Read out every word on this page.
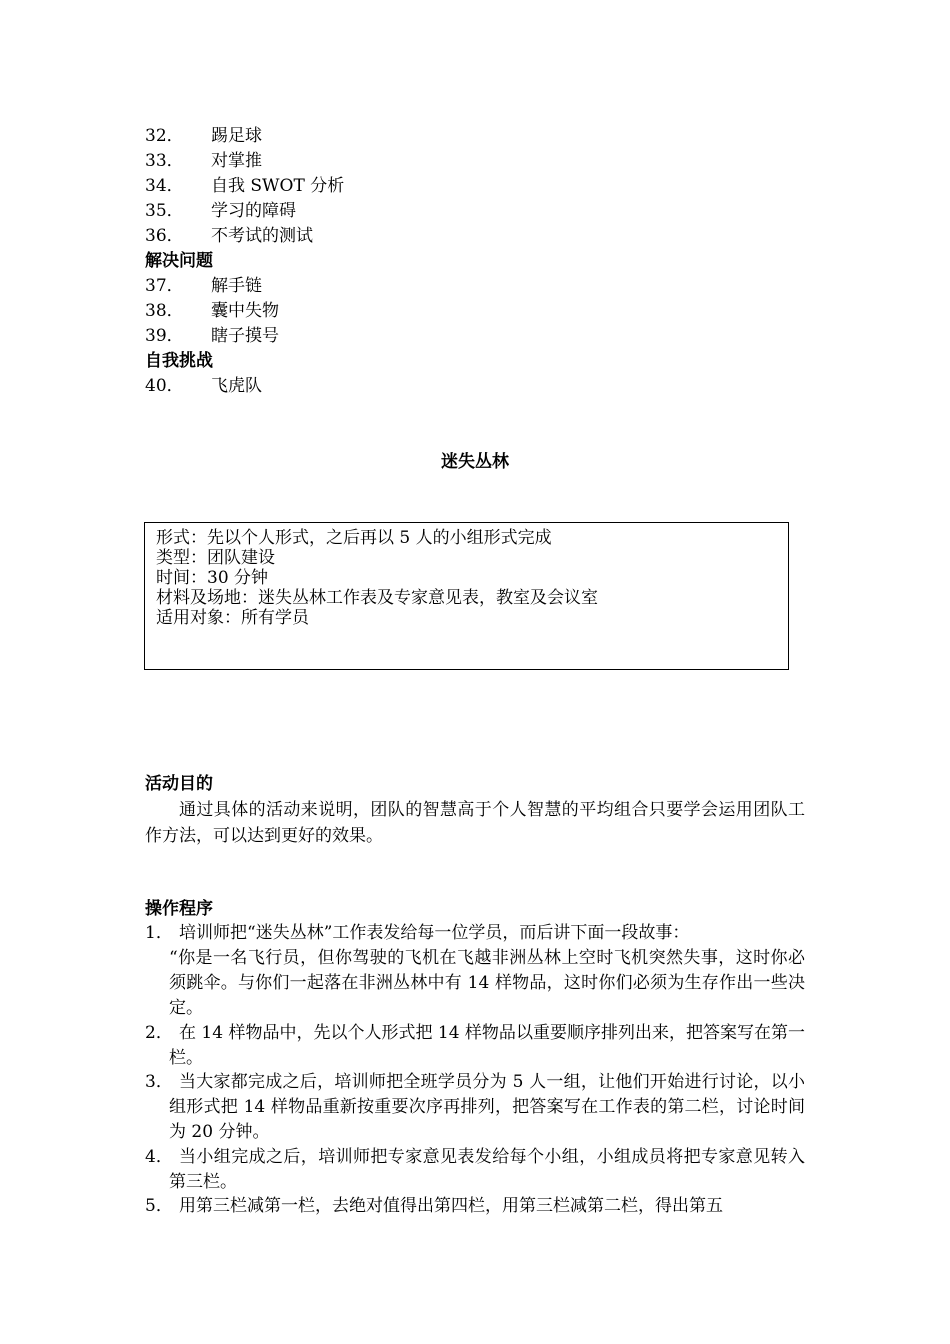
32． 踢足球
33． 对掌推
34． 自我 SWOT 分析
35． 学习的障碍
36． 不考试的测试
解决问题
37． 解手链
38． 囊中失物
39． 瞎子摸号
自我挑战
40． 飞虎队
迷失丛林
形式：先以个人形式，之后再以 5 人的小组形式完成
类型：团队建设
时间：30 分钟
材料及场地：迷失丛林工作表及专家意见表，教室及会议室
适用对象：所有学员
活动目的
通过具体的活动来说明，团队的智慧高于个人智慧的平均组合只要学会运用团队工作方法，可以达到更好的效果。
操作程序
1． 培训师把“迷失丛林”工作表发给每一位学员，而后讲下面一段故事：
“你是一名飞行员，但你驾驶的飞机在飞越非洲丛林上空时飞机突然失事，这时你必须跳伞。与你们一起落在非洲丛林中有 14 样物品，这时你们必须为生存作出一些决定。
2． 在 14 样物品中，先以个人形式把 14 样物品以重要顺序排列出来，把答案写在第一栏。
3． 当大家都完成之后，培训师把全班学员分为 5 人一组，让他们开始进行讨论，以小组形式把 14 样物品重新按重要次序再排列，把答案写在工作表的第二栏，讨论时间为 20 分钟。
4． 当小组完成之后，培训师把专家意见表发给每个小组，小组成员将把专家意见转入第三栏。
5． 用第三栏减第一栏，去绝对值得出第四栏，用第三栏减第二栏，得出第五
